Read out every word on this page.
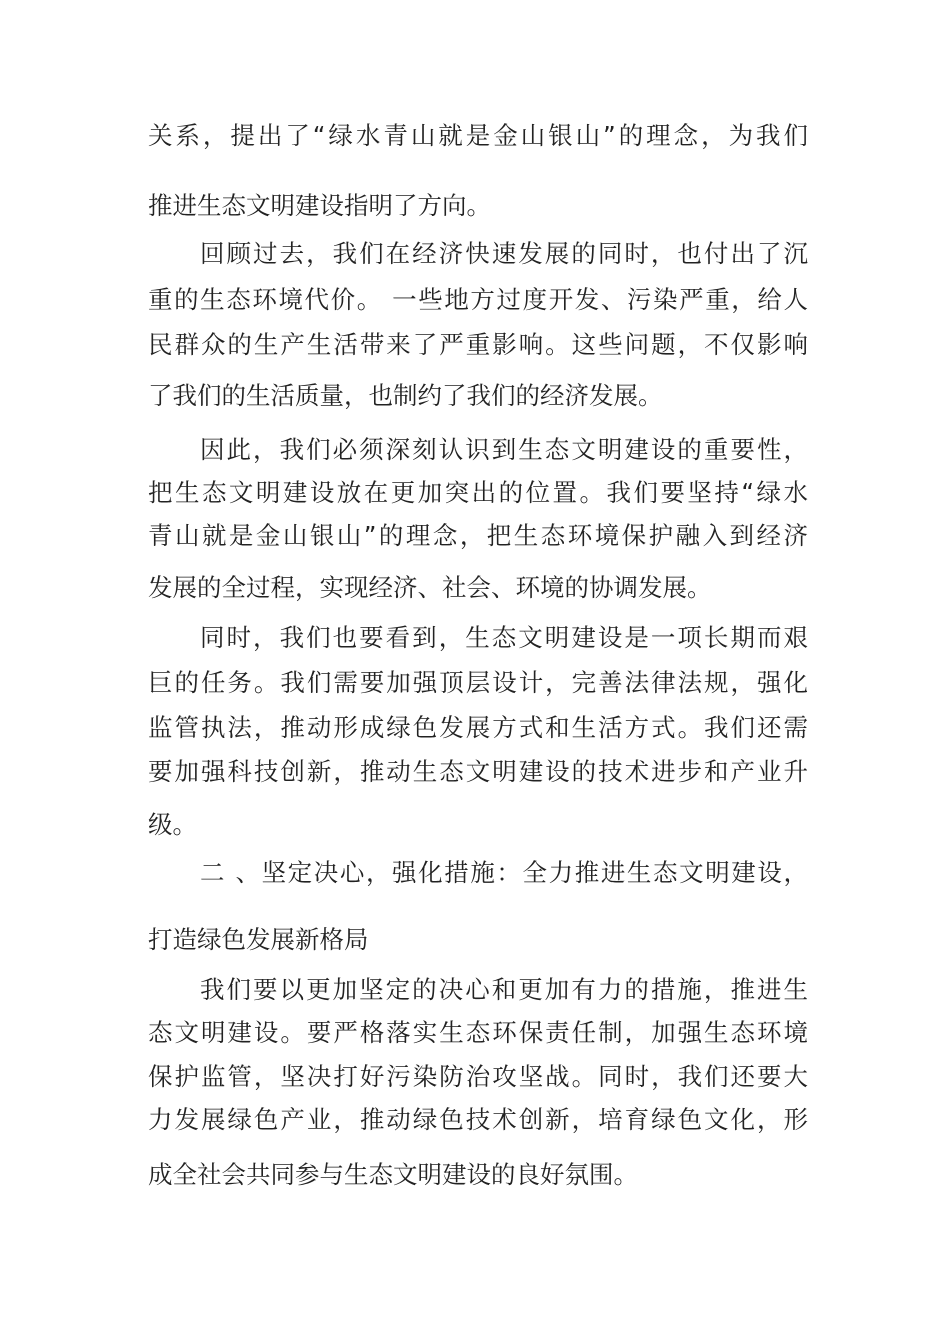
关系，提出了“绿水青山就是金山银山”的理念，为我们
推进生态文明建设指明了方向。
回顾过去，我们在经济快速发展的同时，也付出了沉
重的生态环境代价。 一些地方过度开发、污染严重，给人
民群众的生产生活带来了严重影响。这些问题，不仅影响
了我们的生活质量，也制约了我们的经济发展。
因此，我们必须深刻认识到生态文明建设的重要性，
把生态文明建设放在更加突出的位置。我们要坚持“绿水
青山就是金山银山”的理念，把生态环境保护融入到经济
发展的全过程，实现经济、社会、环境的协调发展。
同时，我们也要看到，生态文明建设是一项长期而艰
巨的任务。我们需要加强顶层设计，完善法律法规，强化
监管执法，推动形成绿色发展方式和生活方式。我们还需
要加强科技创新，推动生态文明建设的技术进步和产业升
级。
二 、坚定决心，强化措施：全力推进生态文明建设，
打造绿色发展新格局
我们要以更加坚定的决心和更加有力的措施，推进生
态文明建设。要严格落实生态环保责任制，加强生态环境
保护监管，坚决打好污染防治攻坚战。同时，我们还要大
力发展绿色产业，推动绿色技术创新，培育绿色文化，形
成全社会共同参与生态文明建设的良好氛围。
